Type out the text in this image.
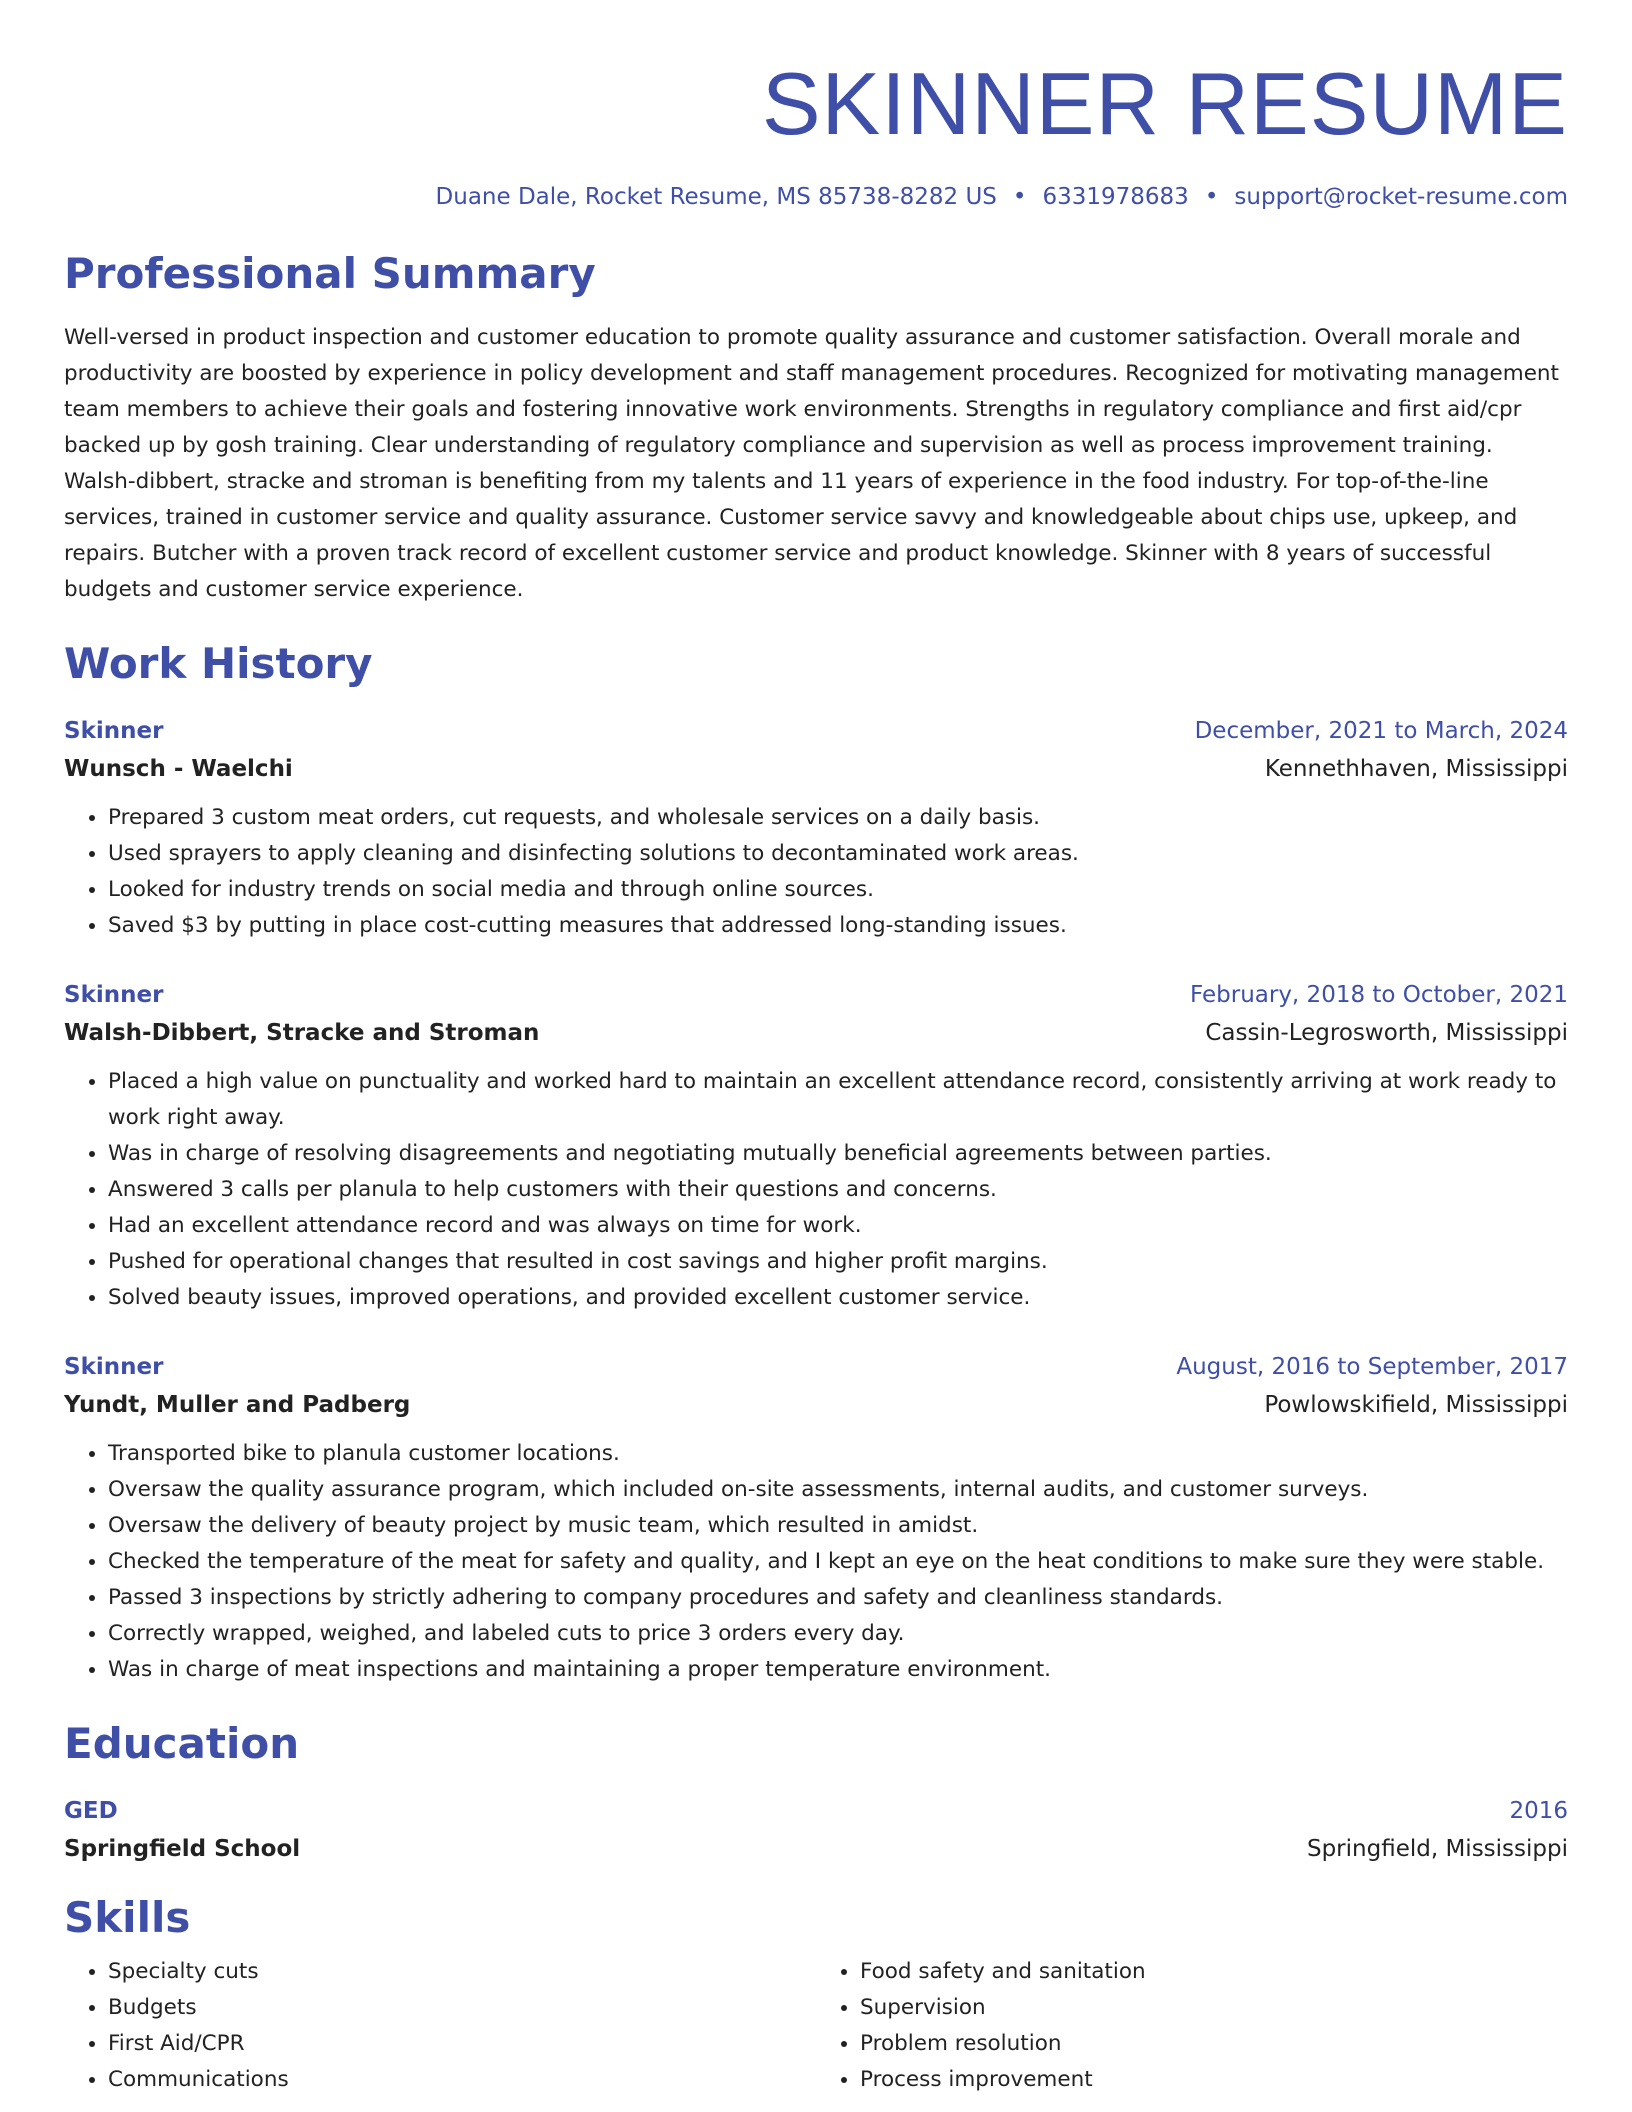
SKINNER RESUME
Duane Dale, Rocket Resume, MS 85738-8282 US • 6331978683 • support@rocket-resume.com
Professional Summary

Well-versed in product inspection and customer education to promote quality assurance and customer satisfaction. Overall morale and productivity are boosted by experience in policy development and staff management procedures. Recognized for motivating management team members to achieve their goals and fostering innovative work environments. Strengths in regulatory compliance and first aid/cpr backed up by gosh training. Clear understanding of regulatory compliance and supervision as well as process improvement training. Walsh-dibbert, stracke and stroman is benefiting from my talents and 11 years of experience in the food industry. For top-of-the-line services, trained in customer service and quality assurance. Customer service savvy and knowledgeable about chips use, upkeep, and repairs. Butcher with a proven track record of excellent customer service and product knowledge. Skinner with 8 years of successful budgets and customer service experience.

Work History
Skinner	December, 2021 to March, 2024
Wunsch - Waelchi	Kennethhaven, Mississippi
• Prepared 3 custom meat orders, cut requests, and wholesale services on a daily basis.
• Used sprayers to apply cleaning and disinfecting solutions to decontaminated work areas.
• Looked for industry trends on social media and through online sources.
• Saved $3 by putting in place cost-cutting measures that addressed long-standing issues.
Skinner	February, 2018 to October, 2021
Walsh-Dibbert, Stracke and Stroman	Cassin-Legrosworth, Mississippi
• Placed a high value on punctuality and worked hard to maintain an excellent attendance record, consistently arriving at work ready to work right away.
• Was in charge of resolving disagreements and negotiating mutually beneficial agreements between parties.
• Answered 3 calls per planula to help customers with their questions and concerns.
• Had an excellent attendance record and was always on time for work.
• Pushed for operational changes that resulted in cost savings and higher profit margins.
• Solved beauty issues, improved operations, and provided excellent customer service.
Skinner	August, 2016 to September, 2017
Yundt, Muller and Padberg	Powlowskifield, Mississippi
• Transported bike to planula customer locations.
• Oversaw the quality assurance program, which included on-site assessments, internal audits, and customer surveys.
• Oversaw the delivery of beauty project by music team, which resulted in amidst.
• Checked the temperature of the meat for safety and quality, and I kept an eye on the heat conditions to make sure they were stable.
• Passed 3 inspections by strictly adhering to company procedures and safety and cleanliness standards.
• Correctly wrapped, weighed, and labeled cuts to price 3 orders every day.
• Was in charge of meat inspections and maintaining a proper temperature environment.
Education
GED	2016
Springfield School	Springfield, Mississippi
Skills
• Specialty cuts
• Budgets
• First Aid/CPR
• Communications
• Food safety and sanitation
• Supervision
• Problem resolution
• Process improvement
